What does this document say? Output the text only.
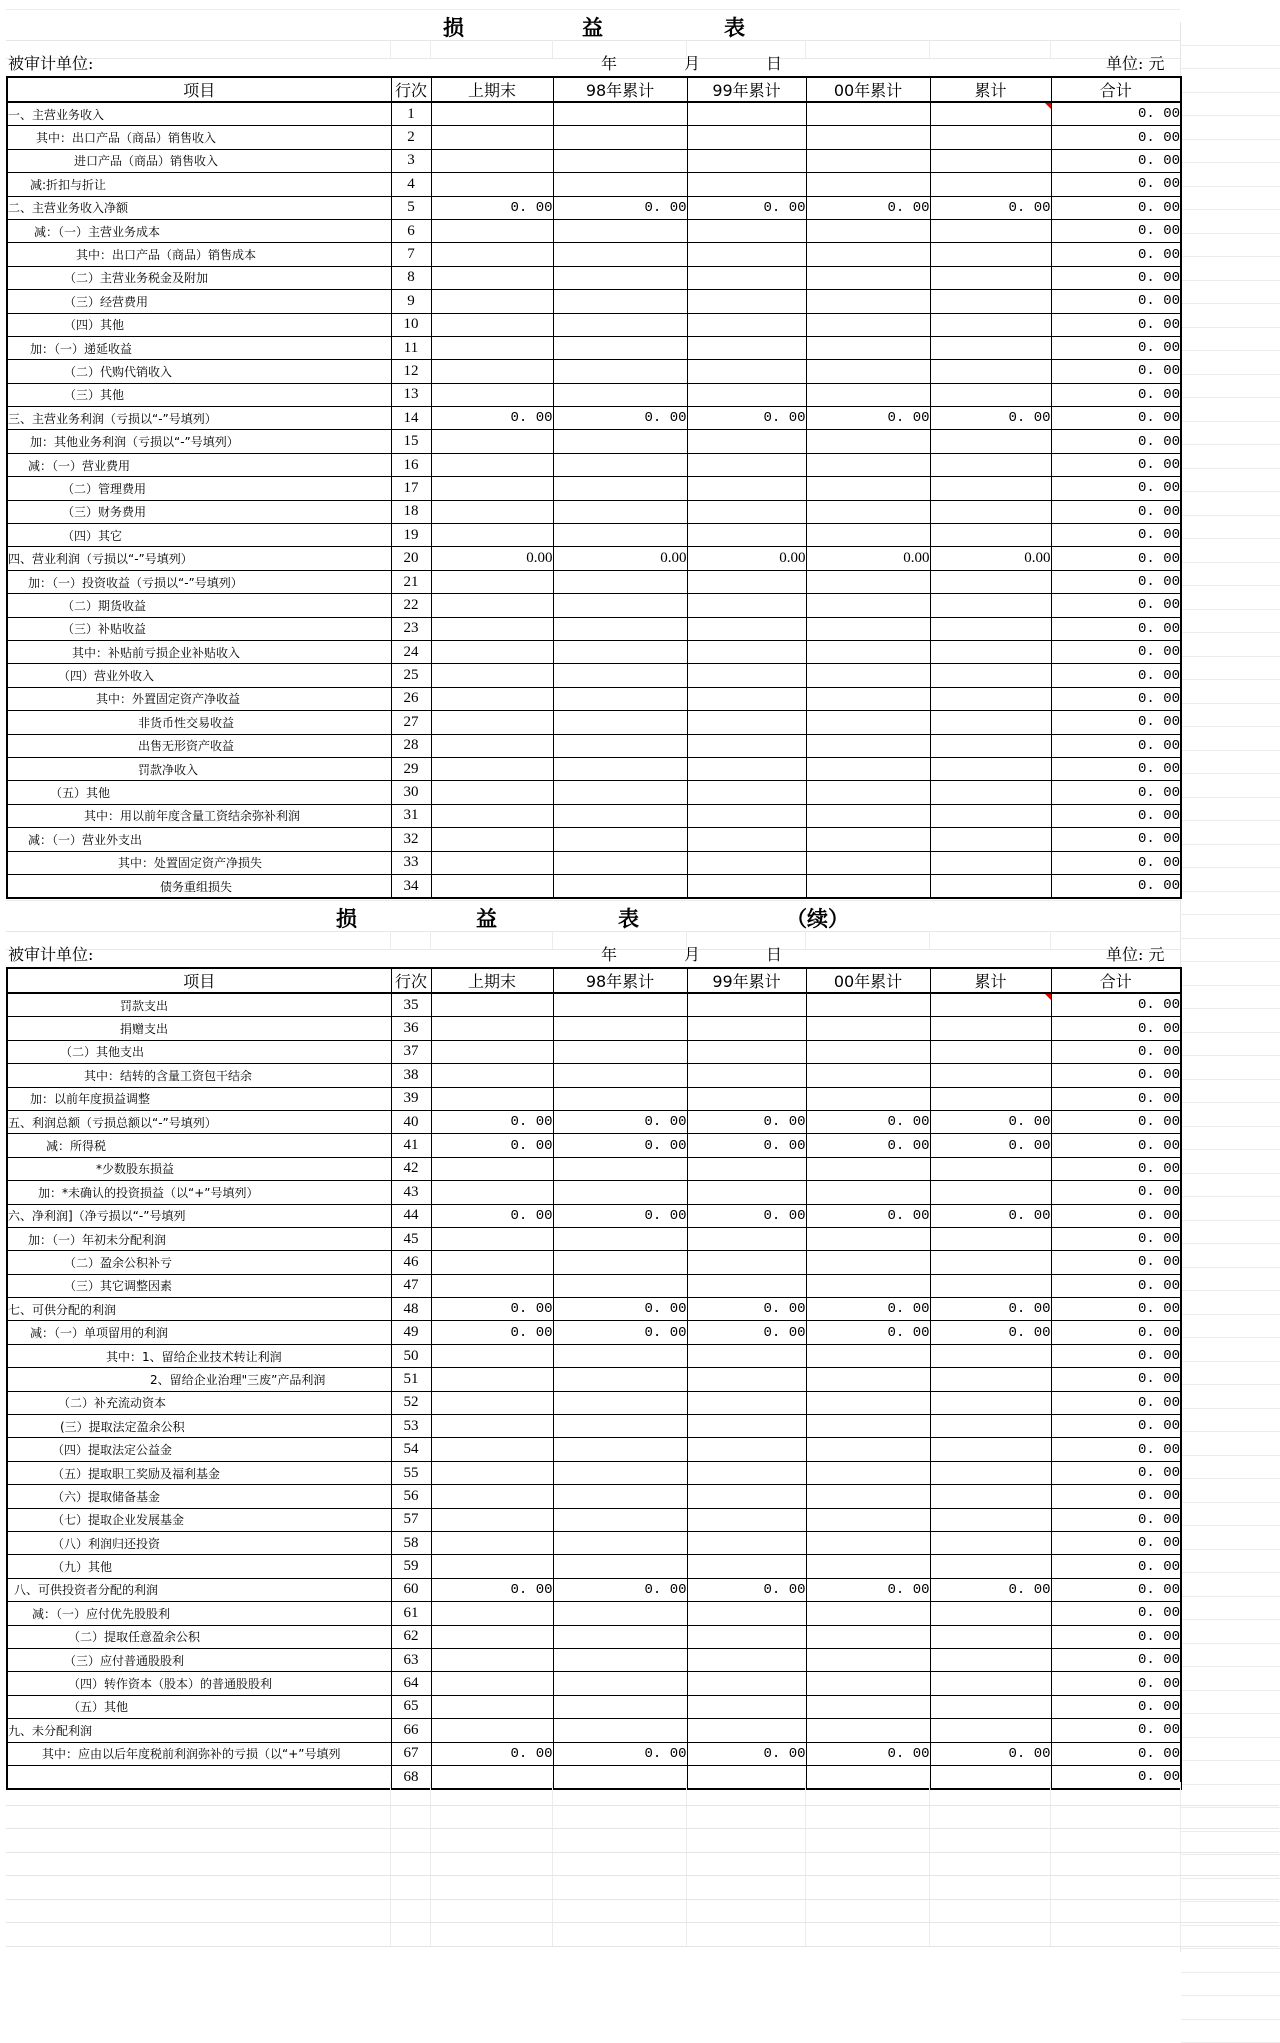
损	益	表
被审计单位:	年	月	日	单位: 元
项目	行次	上期末	98年累计	99年累计	00年累计	累计	合计
一、主营业务收入	1						0. 00
其中：出口产品（商品）销售收入	2						0. 00
进口产品（商品）销售收入	3						0. 00
减:折扣与折让	4						0. 00
二、主营业务收入净额	5	0. 00	0. 00	0. 00	0. 00	0. 00	0. 00
减：（一）主营业务成本	6						0. 00
其中：出口产品（商品）销售成本	7						0. 00
（二）主营业务税金及附加	8						0. 00
（三）经营费用	9						0. 00
（四）其他	10						0. 00
加：（一）递延收益	11						0. 00
（二）代购代销收入	12						0. 00
（三）其他	13						0. 00
三、主营业务利润（亏损以“-”号填列）	14	0. 00	0. 00	0. 00	0. 00	0. 00	0. 00
加：其他业务利润（亏损以“-”号填列）	15						0. 00
减：（一）营业费用	16						0. 00
（二）管理费用	17						0. 00
（三）财务费用	18						0. 00
（四）其它	19						0. 00
四、营业利润（亏损以“-”号填列）	20	0.00	0.00	0.00	0.00	0.00	0. 00
加：（一）投资收益（亏损以“-”号填列）	21						0. 00
（二）期货收益	22						0. 00
（三）补贴收益	23						0. 00
其中：补贴前亏损企业补贴收入	24						0. 00
（四）营业外收入	25						0. 00
其中：外置固定资产净收益	26						0. 00
非货币性交易收益	27						0. 00
出售无形资产收益	28						0. 00
罚款净收入	29						0. 00
（五）其他	30						0. 00
其中：用以前年度含量工资结余弥补利润	31						0. 00
减：（一）营业外支出	32						0. 00
其中：处置固定资产净损失	33						0. 00
债务重组损失	34						0. 00
损	益	表	（续）
被审计单位:	年	月	日	单位: 元
项目	行次	上期末	98年累计	99年累计	00年累计	累计	合计
罚款支出	35						0. 00
捐赠支出	36						0. 00
（二）其他支出	37						0. 00
其中：结转的含量工资包干结余	38						0. 00
加：以前年度损益调整	39						0. 00
五、利润总额（亏损总额以“-”号填列）	40	0. 00	0. 00	0. 00	0. 00	0. 00	0. 00
减：所得税	41	0. 00	0. 00	0. 00	0. 00	0. 00	0. 00
*少数股东损益	42						0. 00
加：*未确认的投资损益（以“+”号填列）	43						0. 00
六、净利润]（净亏损以“-”号填列	44	0. 00	0. 00	0. 00	0. 00	0. 00	0. 00
加：（一）年初未分配利润	45						0. 00
（二）盈余公积补亏	46						0. 00
（三）其它调整因素	47						0. 00
七、可供分配的利润	48	0. 00	0. 00	0. 00	0. 00	0. 00	0. 00
减：（一）单项留用的利润	49	0. 00	0. 00	0. 00	0. 00	0. 00	0. 00
其中：1、留给企业技术转让利润	50						0. 00
2、留给企业治理"三废”产品利润	51						0. 00
（二）补充流动资本	52						0. 00
(三）提取法定盈余公积	53						0. 00
（四）提取法定公益金	54						0. 00
（五）提取职工奖励及福利基金	55						0. 00
（六）提取储备基金	56						0. 00
（七）提取企业发展基金	57						0. 00
（八）利润归还投资	58						0. 00
（九）其他	59						0. 00
八、可供投资者分配的利润	60	0. 00	0. 00	0. 00	0. 00	0. 00	0. 00
减：（一）应付优先股股利	61						0. 00
（二）提取任意盈余公积	62						0. 00
（三）应付普通股股利	63						0. 00
（四）转作资本（股本）的普通股股利	64						0. 00
（五）其他	65						0. 00
九、未分配利润	66						0. 00
其中：应由以后年度税前利润弥补的亏损（以“+”号填列	67	0. 00	0. 00	0. 00	0. 00	0. 00	0. 00
	68						0. 00
